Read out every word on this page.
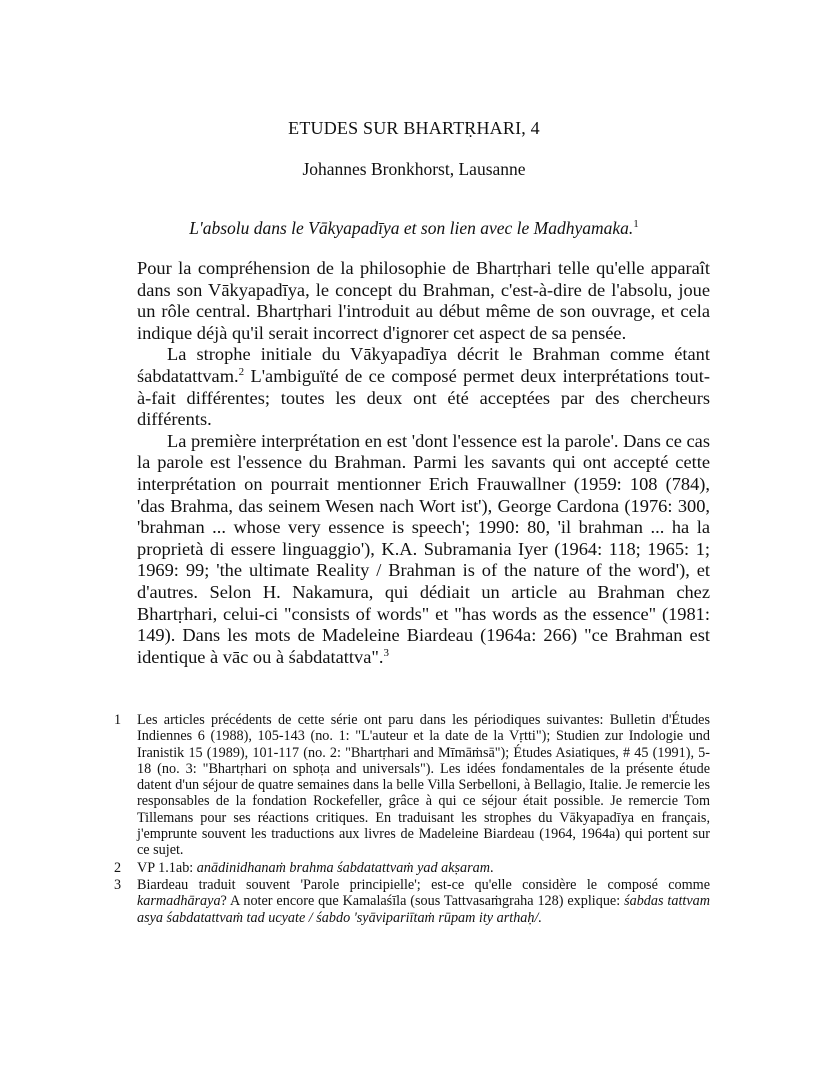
ETUDES SUR BHARTṚHARI, 4
Johannes Bronkhorst, Lausanne
L'absolu dans le Vākyapadīya et son lien avec le Madhyamaka.$^1$

Pour la compréhension de la philosophie de Bhartṛhari telle qu'elle apparaît dans son Vākyapadīya, le concept du Brahman, c'est-à-dire de l'absolu, joue un rôle central. Bhartṛhari l'introduit au début même de son ouvrage, et cela indique déjà qu'il serait incorrect d'ignorer cet aspect de sa pensée.

La strophe initiale du Vākyapadīya décrit le Brahman comme étant śabdatattvam.$^2$ L'ambiguïté de ce composé permet deux interprétations tout-à-fait différentes; toutes les deux ont été acceptées par des chercheurs différents.

La première interprétation en est 'dont l'essence est la parole'. Dans ce cas la parole est l'essence du Brahman. Parmi les savants qui ont accepté cette interprétation on pourrait mentionner Erich Frauwallner (1959: 108 (784), 'das Brahma, das seinem Wesen nach Wort ist'), George Cardona (1976: 300, 'brahman ... whose very essence is speech'; 1990: 80, 'il brahman ... ha la proprietà di essere linguaggio'), K.A. Subramania Iyer (1964: 118; 1965: 1; 1969: 99; 'the ultimate Reality / Brahman is of the nature of the word'), et d'autres. Selon H. Nakamura, qui dédiait un article au Brahman chez Bhartṛhari, celui-ci "consists of words" et "has words as the essence" (1981: 149). Dans les mots de Madeleine Biardeau (1964a: 266) "ce Brahman est identique à vāc ou à śabdatattva".$^3$

1	Les articles précédents de cette série ont paru dans les périodiques suivantes: Bulletin d'Études Indiennes 6 (1988), 105-143 (no. 1: "L'auteur et la date de la Vṛtti"); Studien zur Indologie und Iranistik 15 (1989), 101-117 (no. 2: "Bhartṛhari and Mīmāṁsā"); Études Asiatiques, # 45 (1991), 5-18 (no. 3: "Bhartṛhari on sphoṭa and universals"). Les idées fondamentales de la présente étude datent d'un séjour de quatre semaines dans la belle Villa Serbelloni, à Bellagio, Italie. Je remercie les responsables de la fondation Rockefeller, grâce à qui ce séjour était possible. Je remercie Tom Tillemans pour ses réactions critiques. En traduisant les strophes du Vākyapadīya en français, j'emprunte souvent les traductions aux livres de Madeleine Biardeau (1964, 1964a) qui portent sur ce sujet.
2	VP 1.1ab: anādinidhanaṁ brahma śabdatattvaṁ yad akṣaram.
3	Biardeau traduit souvent 'Parole principielle'; est-ce qu'elle considère le composé comme karmadhāraya? A noter encore que Kamalaśīla (sous Tattvasaṁgraha 128) explique: śabdas tattvam asya śabdatattvaṁ tad ucyate / śabdo 'syāvipariītaṁ rūpam ity arthaḥ/.
